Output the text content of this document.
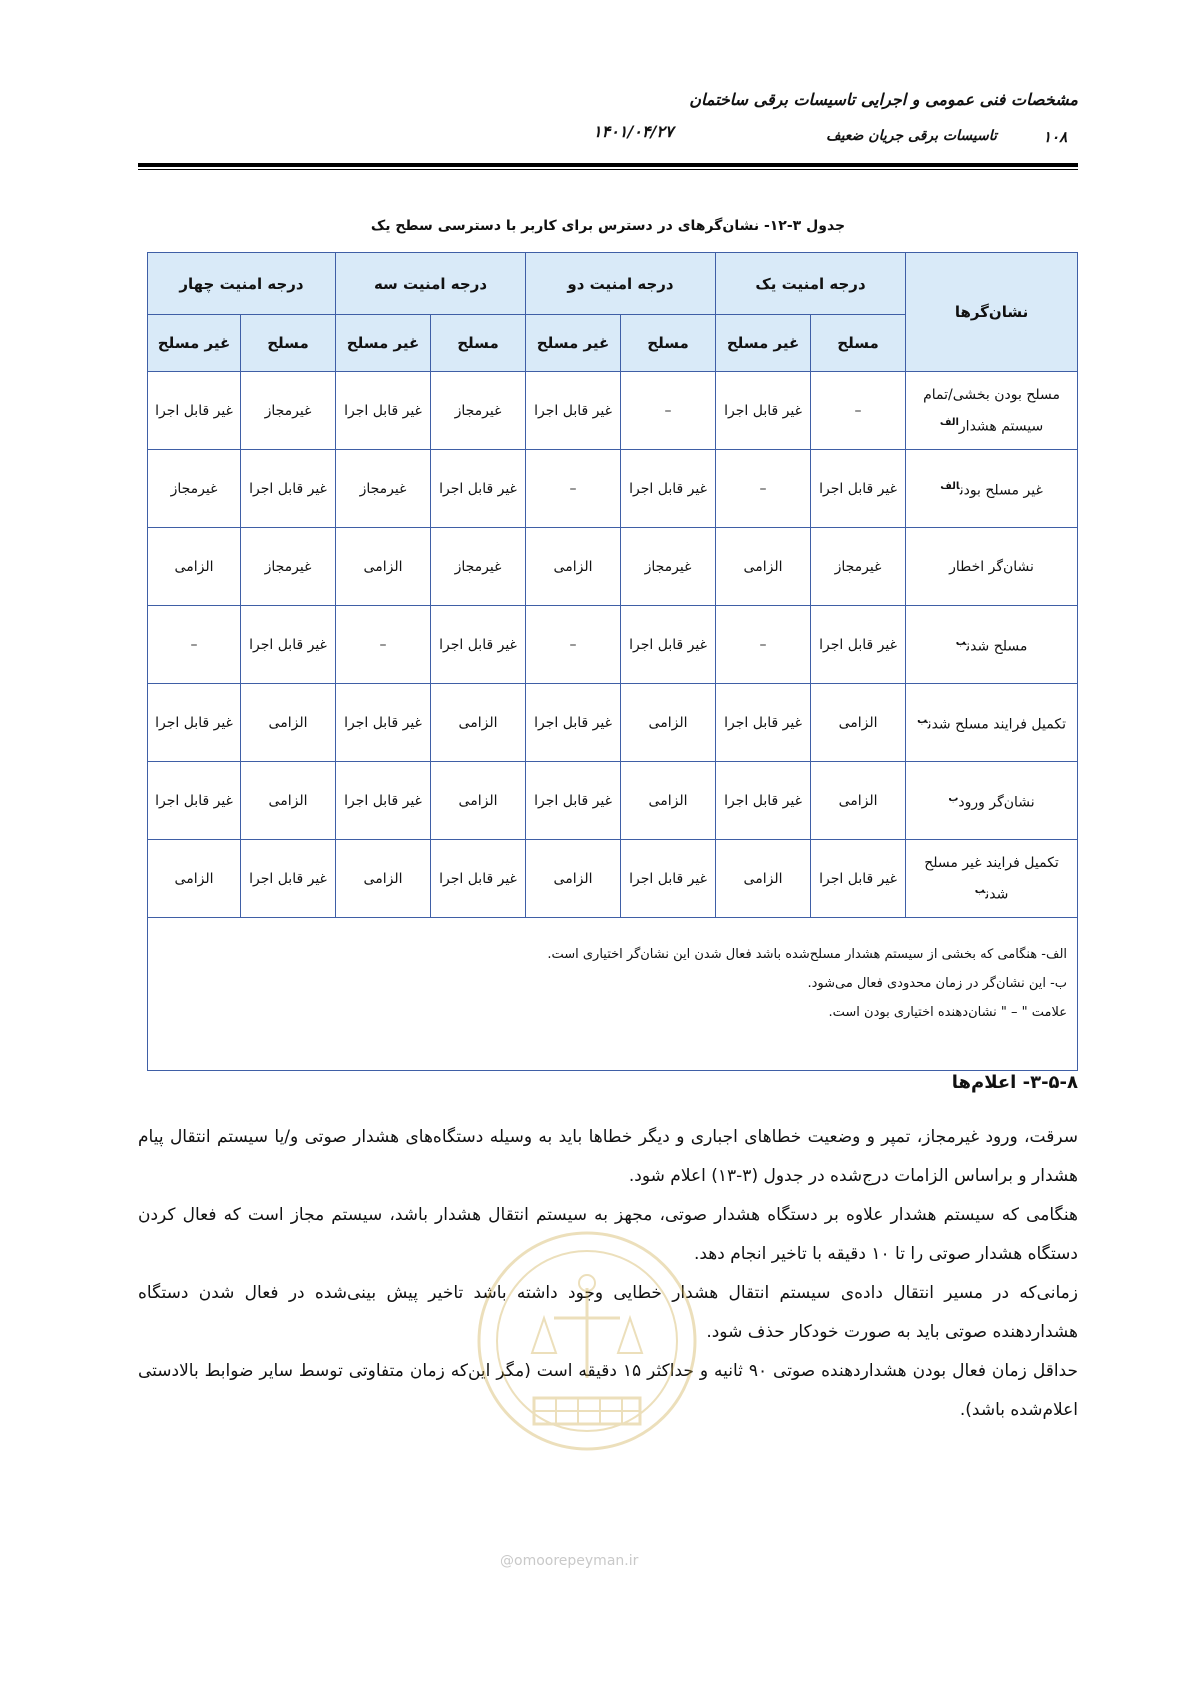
مشخصات فنی عمومی و اجرایی تاسیسات برقی ساختمان
تاسیسات برقی جریان ضعیف
۱۴۰۱/۰۴/۲۷	۱۰۸
جدول ۳-۱۲- نشان‌گرهای در دسترس برای کاربر با دسترسی سطح یک
نشان‌گرها	درجه امنیت یک		درجه امنیت دو		درجه امنیت سه		درجه امنیت چهار	
	مسلح	غیر مسلح	مسلح	غیر مسلح	مسلح	غیر مسلح	مسلح	غیر مسلح
مسلح بودن بخشی/تمام سیستم هشدار$^{الف}$	–	غیر قابل اجرا	–	غیر قابل اجرا	غیرمجاز	غیر قابل اجرا	غیرمجاز	غیر قابل اجرا
غیر مسلح بودن$^{الف}$	غیر قابل اجرا	–	غیر قابل اجرا	–	غیر قابل اجرا	غیرمجاز	غیر قابل اجرا	غیرمجاز
نشان‌گر اخطار	غیرمجاز	الزامی	غیرمجاز	الزامی	غیرمجاز	الزامی	غیرمجاز	الزامی
مسلح شدن$^ب$	غیر قابل اجرا	–	غیر قابل اجرا	–	غیر قابل اجرا	–	غیر قابل اجرا	–
تکمیل فرایند مسلح شدن$^ب$	الزامی	غیر قابل اجرا	الزامی	غیر قابل اجرا	الزامی	غیر قابل اجرا	الزامی	غیر قابل اجرا
نشان‌گر ورود$^ب$	الزامی	غیر قابل اجرا	الزامی	غیر قابل اجرا	الزامی	غیر قابل اجرا	الزامی	غیر قابل اجرا
تکمیل فرایند غیر مسلح شدن$^ب$	غیر قابل اجرا	الزامی	غیر قابل اجرا	الزامی	غیر قابل اجرا	الزامی	غیر قابل اجرا	الزامی

الف- هنگامی که بخشی از سیستم هشدار مسلح‌شده باشد فعال شدن این نشان‌گر اختیاری است.
ب- این نشان‌گر در زمان محدودی فعال می‌شود.
علامت " – " نشان‌دهنده اختیاری بودن است.								
۳-۵-۸- اعلام‌ها

سرقت، ورود غیرمجاز، تمپر و وضعیت خطاهای اجباری و دیگر خطاها باید به وسیله دستگاه‌های هشدار صوتی و/یا سیستم انتقال پیام هشدار و براساس الزامات درج‌شده در جدول (۳-۱۳) اعلام شود.

هنگامی که سیستم هشدار علاوه بر دستگاه هشدار صوتی، مجهز به سیستم انتقال هشدار باشد، سیستم مجاز است که فعال کردن دستگاه هشدار صوتی را تا ۱۰ دقیقه با تاخیر انجام دهد.

زمانی‌که در مسیر انتقال داده‌ی سیستم انتقال هشدار خطایی وجود داشته باشد تاخیر پیش بینی‌شده در فعال شدن دستگاه هشداردهنده صوتی باید به صورت خودکار حذف شود.

حداقل زمان فعال بودن هشداردهنده صوتی ۹۰ ثانیه و حداکثر ۱۵ دقیقه است (مگر این‌که زمان متفاوتی توسط سایر ضوابط بالادستی اعلام‌شده باشد).

@omoorepeyman.ir
